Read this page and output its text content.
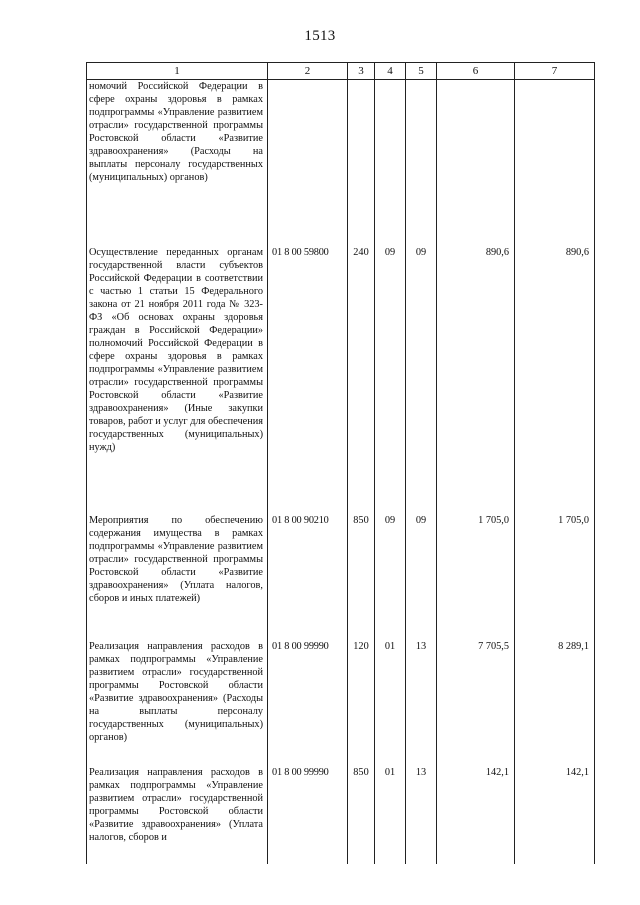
1513
1	2	3	4	5	6	7
номочий Российской Федерации в сфере охраны здоровья в рамках подпрограммы «Управление развитием отрасли» государственной программы Ростовской области «Развитие здравоохранения» (Расходы на выплаты персоналу государственных (муниципальных) органов)						
Осуществление переданных органам государственной власти субъектов Российской Федерации в соответствии с частью 1 статьи 15 Федерального закона от 21 ноября 2011 года № 323-ФЗ «Об основах охраны здоровья граждан в Российской Федерации» полномочий Российской Федерации в сфере охраны здоровья в рамках подпрограммы «Управление развитием отрасли» государственной программы Ростовской области «Развитие здравоохранения» (Иные закупки товаров, работ и услуг для обеспечения государственных (муниципальных) нужд)	01 8 00 59800	240	09	09	890,6	890,6
Мероприятия по обеспечению содержания имущества в рамках подпрограммы «Управление развитием отрасли» государственной программы Ростовской области «Развитие здравоохранения» (Уплата налогов, сборов и иных платежей)	01 8 00 90210	850	09	09	1 705,0	1 705,0
Реализация направления расходов в рамках подпрограммы «Управление развитием отрасли» государственной программы Ростовской области «Развитие здравоохранения» (Расходы на выплаты персоналу государственных (муниципальных) органов)	01 8 00 99990	120	01	13	7 705,5	8 289,1
Реализация направления расходов в рамках подпрограммы «Управление развитием отрасли» государственной программы Ростовской области «Развитие здравоохранения» (Уплата налогов, сборов и	01 8 00 99990	850	01	13	142,1	142,1
